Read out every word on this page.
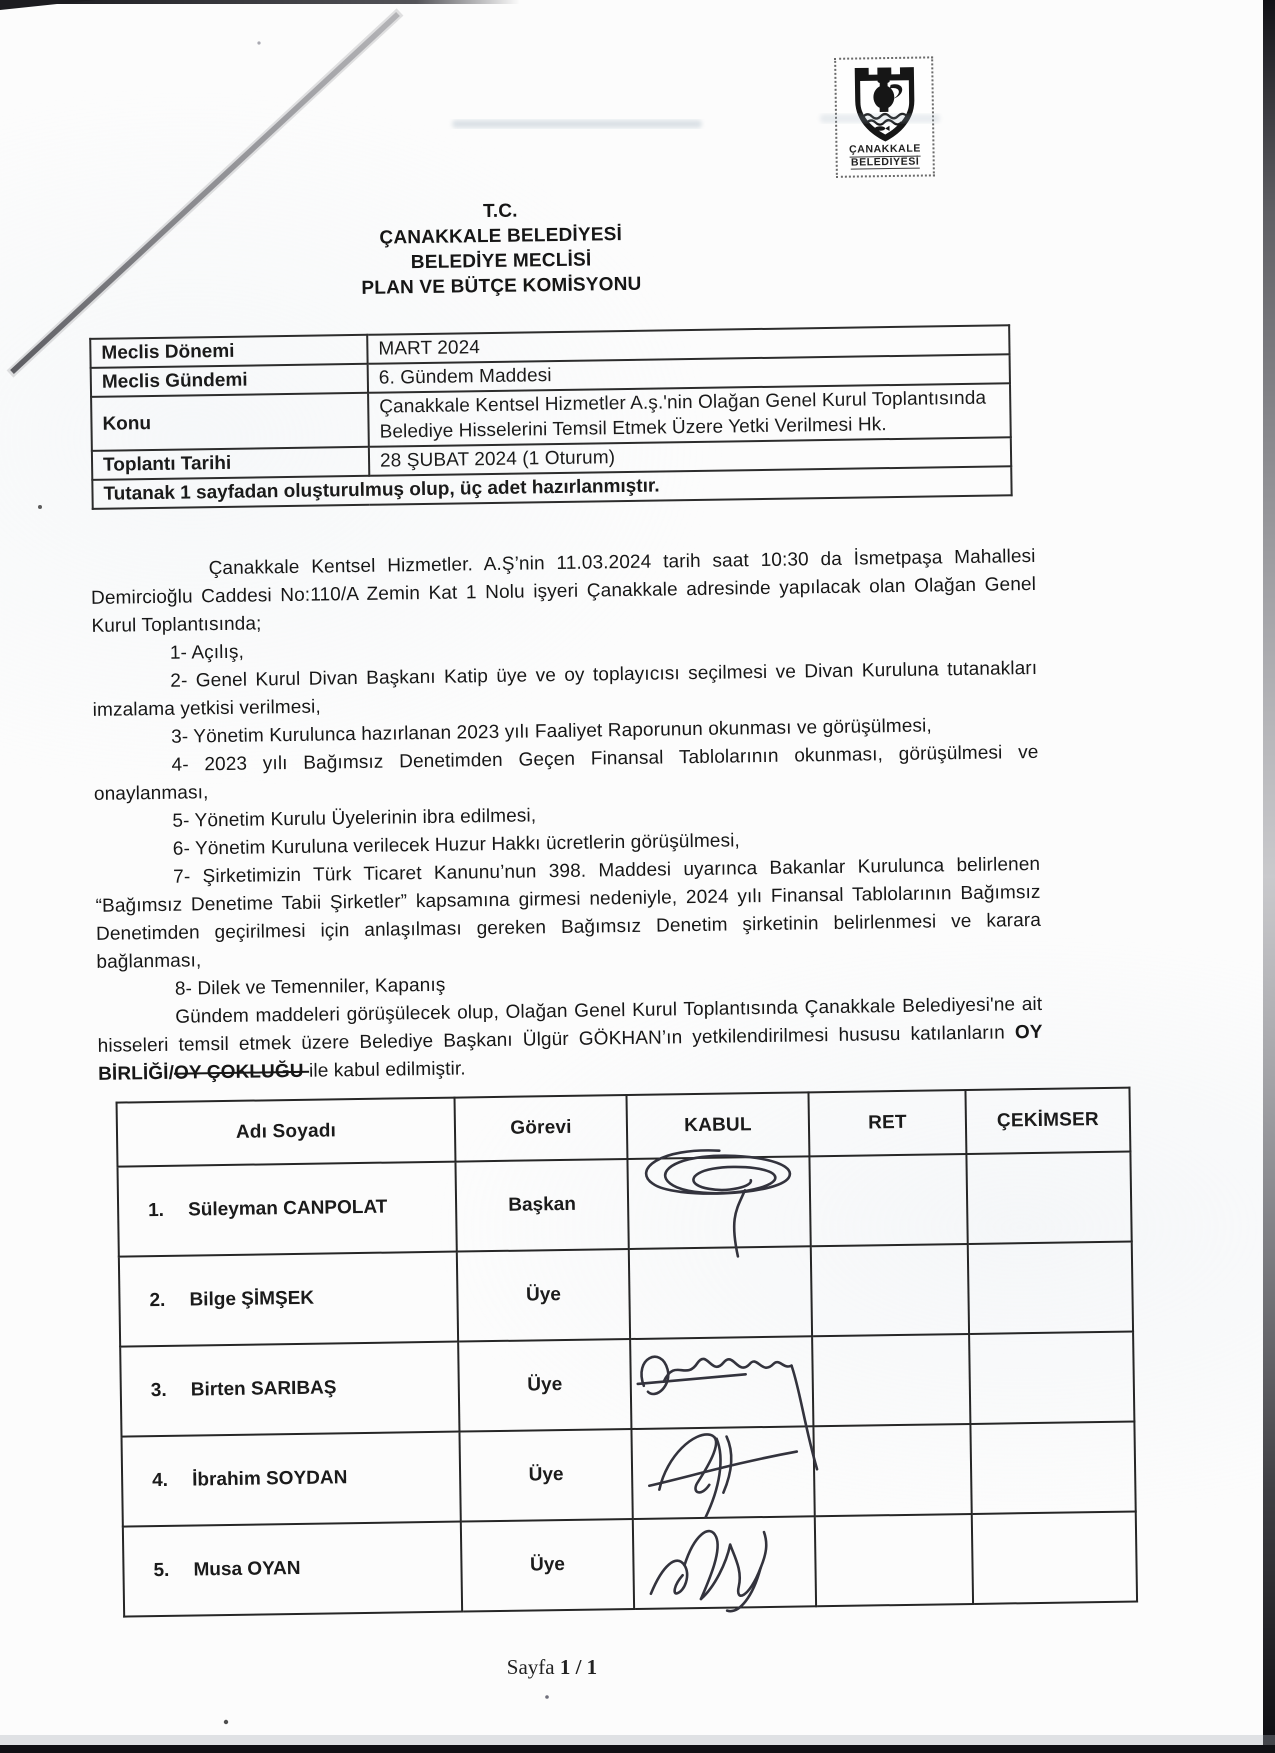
ÇANAKKALE
BELEDİYESİ
T.C.
ÇANAKKALE BELEDİYESİ
BELEDİYE MECLİSİ
PLAN VE BÜTÇE KOMİSYONU
Meclis Dönemi	MART 2024
Meclis Gündemi	6. Gündem Maddesi
Konu	Çanakkale Kentsel Hizmetler A.ş.'nin Olağan Genel Kurul Toplantısında Belediye Hisselerini Temsil Etmek Üzere Yetki Verilmesi Hk.
Toplantı Tarihi	28 ŞUBAT 2024 (1 Oturum)
Tutanak 1 sayfadan oluşturulmuş olup, üç adet hazırlanmıştır.	

Çanakkale Kentsel Hizmetler. A.Ş’nin 11.03.2024 tarih saat 10:30 da İsmetpaşa Mahallesi Demircioğlu Caddesi No:110/A Zemin Kat 1 Nolu işyeri Çanakkale adresinde yapılacak olan Olağan Genel Kurul Toplantısında;

1- Açılış,

2- Genel Kurul Divan Başkanı Katip üye ve oy toplayıcısı seçilmesi ve Divan Kuruluna tutanakları imzalama yetkisi verilmesi,

3- Yönetim Kurulunca hazırlanan 2023 yılı Faaliyet Raporunun okunması ve görüşülmesi,

4- 2023 yılı Bağımsız Denetimden Geçen Finansal Tablolarının okunması, görüşülmesi ve onaylanması,

5- Yönetim Kurulu Üyelerinin ibra edilmesi,

6- Yönetim Kuruluna verilecek Huzur Hakkı ücretlerin görüşülmesi,

7- Şirketimizin Türk Ticaret Kanunu’nun 398. Maddesi uyarınca Bakanlar Kurulunca belirlenen “Bağımsız Denetime Tabii Şirketler” kapsamına girmesi nedeniyle, 2024 yılı Finansal Tablolarının Bağımsız Denetimden geçirilmesi için anlaşılması gereken Bağımsız Denetim şirketinin belirlenmesi ve karara bağlanması,

8- Dilek ve Temenniler, Kapanış

Gündem maddeleri görüşülecek olup, Olağan Genel Kurul Toplantısında Çanakkale Belediyesi'ne ait hisseleri temsil etmek üzere Belediye Başkanı Ülgür GÖKHAN’ın yetkilendirilmesi hususu katılanların OY BİRLİĞİ/OY ÇOKLUĞU ile kabul edilmiştir.

Adı Soyadı	Görevi	KABUL	RET	ÇEKİMSER

1. Süleyman CANPOLAT	Başkan	

2. Bilge ŞİMŞEK	Üye			

3. Birten SARIBAŞ	Üye	

4. İbrahim SOYDAN	Üye	

5. Musa OYAN	Üye	

Sayfa 1 / 1
